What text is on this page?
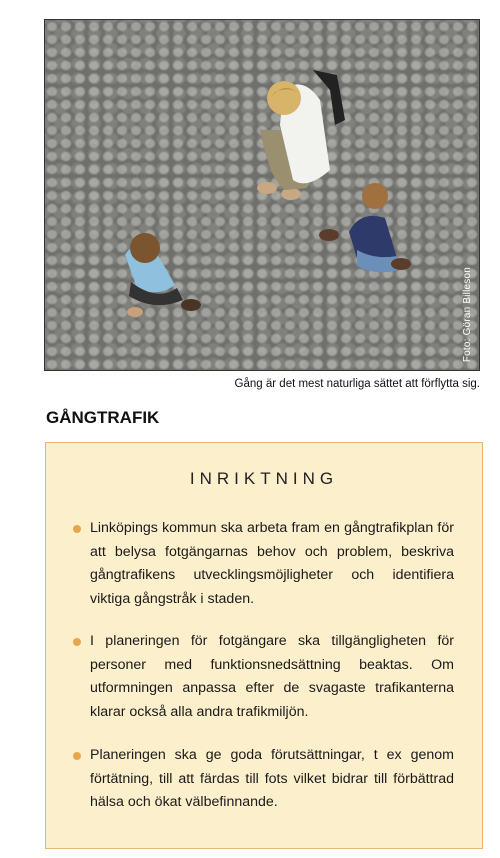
Foto: Göran Billeson
Gång är det mest naturliga sättet att förflytta sig.
GÅNGTRAFIK
INRIKTNING
Linköpings kommun ska arbeta fram en gångtrafikplan för att belysa fotgängarnas behov och problem, beskriva gångtrafikens utvecklingsmöjligheter och identifiera viktiga gångstråk i staden.
I planeringen för fotgängare ska tillgängligheten för personer med funktionsnedsättning beaktas. Om utformningen anpassa efter de svagaste trafikanterna klarar också alla andra trafikmiljön.
Planeringen ska ge goda förutsättningar, t ex genom förtätning, till att färdas till fots vilket bidrar till förbättrad hälsa och ökat välbefinnande.
